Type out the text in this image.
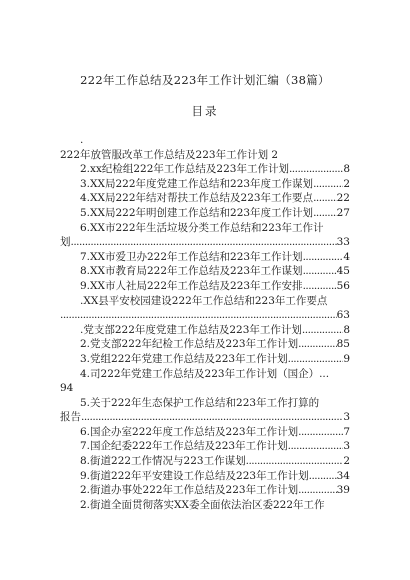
222年工作总结及223年工作计划汇编（38篇）
目录
.
222年放管服改革工作总结及223年工作计划 2
2.xx纪检组222年工作总结及223年工作计划 .....	8
3.XX局222年度党建工作总结和223年度工作谋划 .....	2
4.XX局222年结对帮扶工作总结及223年工作要点 ..... 22
5.XX局222年明创建工作总结和223年度工作计划 ..... 27
6.XX市222年生活垃圾分类工作总结和223年工作计
划 .....	33
7.XX市爱卫办222年工作总结和223年工作计划 .....	4
8.XX市教育局222年工作总结及223年工作谋划 .....	45
9.XX市人社局222年工作总结及223年工作安排 .....	56
.XX县平安校园建设222年工作总结和223年工作要点
.....
63
.党支部222年度党建工作总结及223年工作计划 .....	8
2.党支部222年纪检工作总结及223年工作计划 .....	85
3.党组222年党建工作总结及223年工作计划 .....	9
4.司222年党建工作总结及223年工作计划（国企）...
94
5.关于222年生态保护工作总结和223年工作打算的
报告 .....	3
6.国企办室222年度工作总结及223年工作计划 .....	7
7.国企纪委222年工作总结及223年工作计划 .....	3
8.街道222工作情况与223工作谋划 .....	2
9.街道222年平安建设工作总结及223年工作计划 .....	34
2.街道办事处222年工作总结及223年工作计划 .....	39
2.街道全面贯彻落实XX委全面依法治区委222年工作
